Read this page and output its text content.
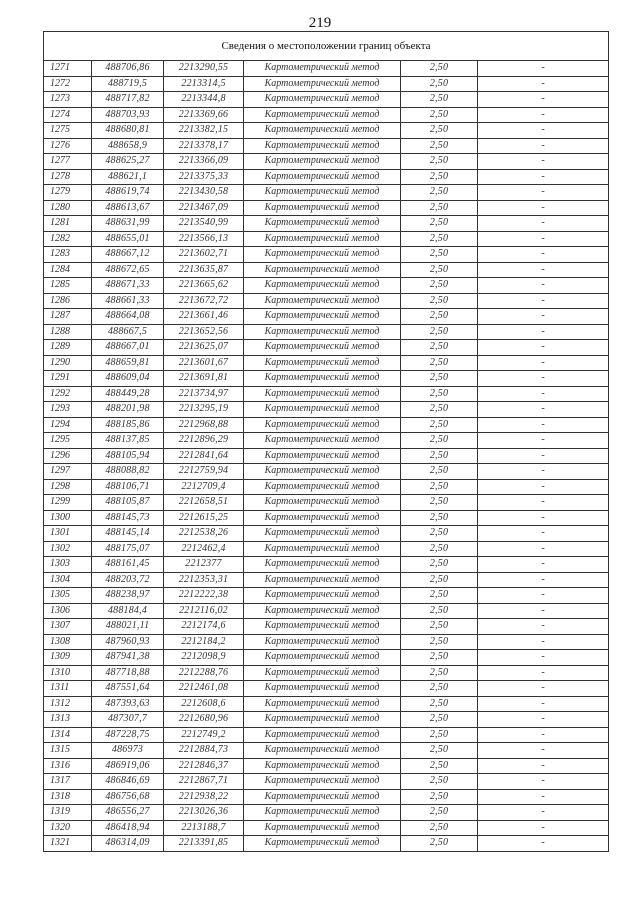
219
Сведения о местоположении границ объекта					
1271	488706,86	2213290,55	Картометрический метод	2,50	-
1272	488719,5	2213314,5	Картометрический метод	2,50	-
1273	488717,82	2213344,8	Картометрический метод	2,50	-
1274	488703,93	2213369,66	Картометрический метод	2,50	-
1275	488680,81	2213382,15	Картометрический метод	2,50	-
1276	488658,9	2213378,17	Картометрический метод	2,50	-
1277	488625,27	2213366,09	Картометрический метод	2,50	-
1278	488621,1	2213375,33	Картометрический метод	2,50	-
1279	488619,74	2213430,58	Картометрический метод	2,50	-
1280	488613,67	2213467,09	Картометрический метод	2,50	-
1281	488631,99	2213540,99	Картометрический метод	2,50	-
1282	488655,01	2213566,13	Картометрический метод	2,50	-
1283	488667,12	2213602,71	Картометрический метод	2,50	-
1284	488672,65	2213635,87	Картометрический метод	2,50	-
1285	488671,33	2213665,62	Картометрический метод	2,50	-
1286	488661,33	2213672,72	Картометрический метод	2,50	-
1287	488664,08	2213661,46	Картометрический метод	2,50	-
1288	488667,5	2213652,56	Картометрический метод	2,50	-
1289	488667,01	2213625,07	Картометрический метод	2,50	-
1290	488659,81	2213601,67	Картометрический метод	2,50	-
1291	488609,04	2213691,81	Картометрический метод	2,50	-
1292	488449,28	2213734,97	Картометрический метод	2,50	-
1293	488201,98	2213295,19	Картометрический метод	2,50	-
1294	488185,86	2212968,88	Картометрический метод	2,50	-
1295	488137,85	2212896,29	Картометрический метод	2,50	-
1296	488105,94	2212841,64	Картометрический метод	2,50	-
1297	488088,82	2212759,94	Картометрический метод	2,50	-
1298	488106,71	2212709,4	Картометрический метод	2,50	-
1299	488105,87	2212658,51	Картометрический метод	2,50	-
1300	488145,73	2212615,25	Картометрический метод	2,50	-
1301	488145,14	2212538,26	Картометрический метод	2,50	-
1302	488175,07	2212462,4	Картометрический метод	2,50	-
1303	488161,45	2212377	Картометрический метод	2,50	-
1304	488203,72	2212353,31	Картометрический метод	2,50	-
1305	488238,97	2212222,38	Картометрический метод	2,50	-
1306	488184,4	2212116,02	Картометрический метод	2,50	-
1307	488021,11	2212174,6	Картометрический метод	2,50	-
1308	487960,93	2212184,2	Картометрический метод	2,50	-
1309	487941,38	2212098,9	Картометрический метод	2,50	-
1310	487718,88	2212288,76	Картометрический метод	2,50	-
1311	487551,64	2212461,08	Картометрический метод	2,50	-
1312	487393,63	2212608,6	Картометрический метод	2,50	-
1313	487307,7	2212680,96	Картометрический метод	2,50	-
1314	487228,75	2212749,2	Картометрический метод	2,50	-
1315	486973	2212884,73	Картометрический метод	2,50	-
1316	486919,06	2212846,37	Картометрический метод	2,50	-
1317	486846,69	2212867,71	Картометрический метод	2,50	-
1318	486756,68	2212938,22	Картометрический метод	2,50	-
1319	486556,27	2213026,36	Картометрический метод	2,50	-
1320	486418,94	2213188,7	Картометрический метод	2,50	-
1321	486314,09	2213391,85	Картометрический метод	2,50	-
